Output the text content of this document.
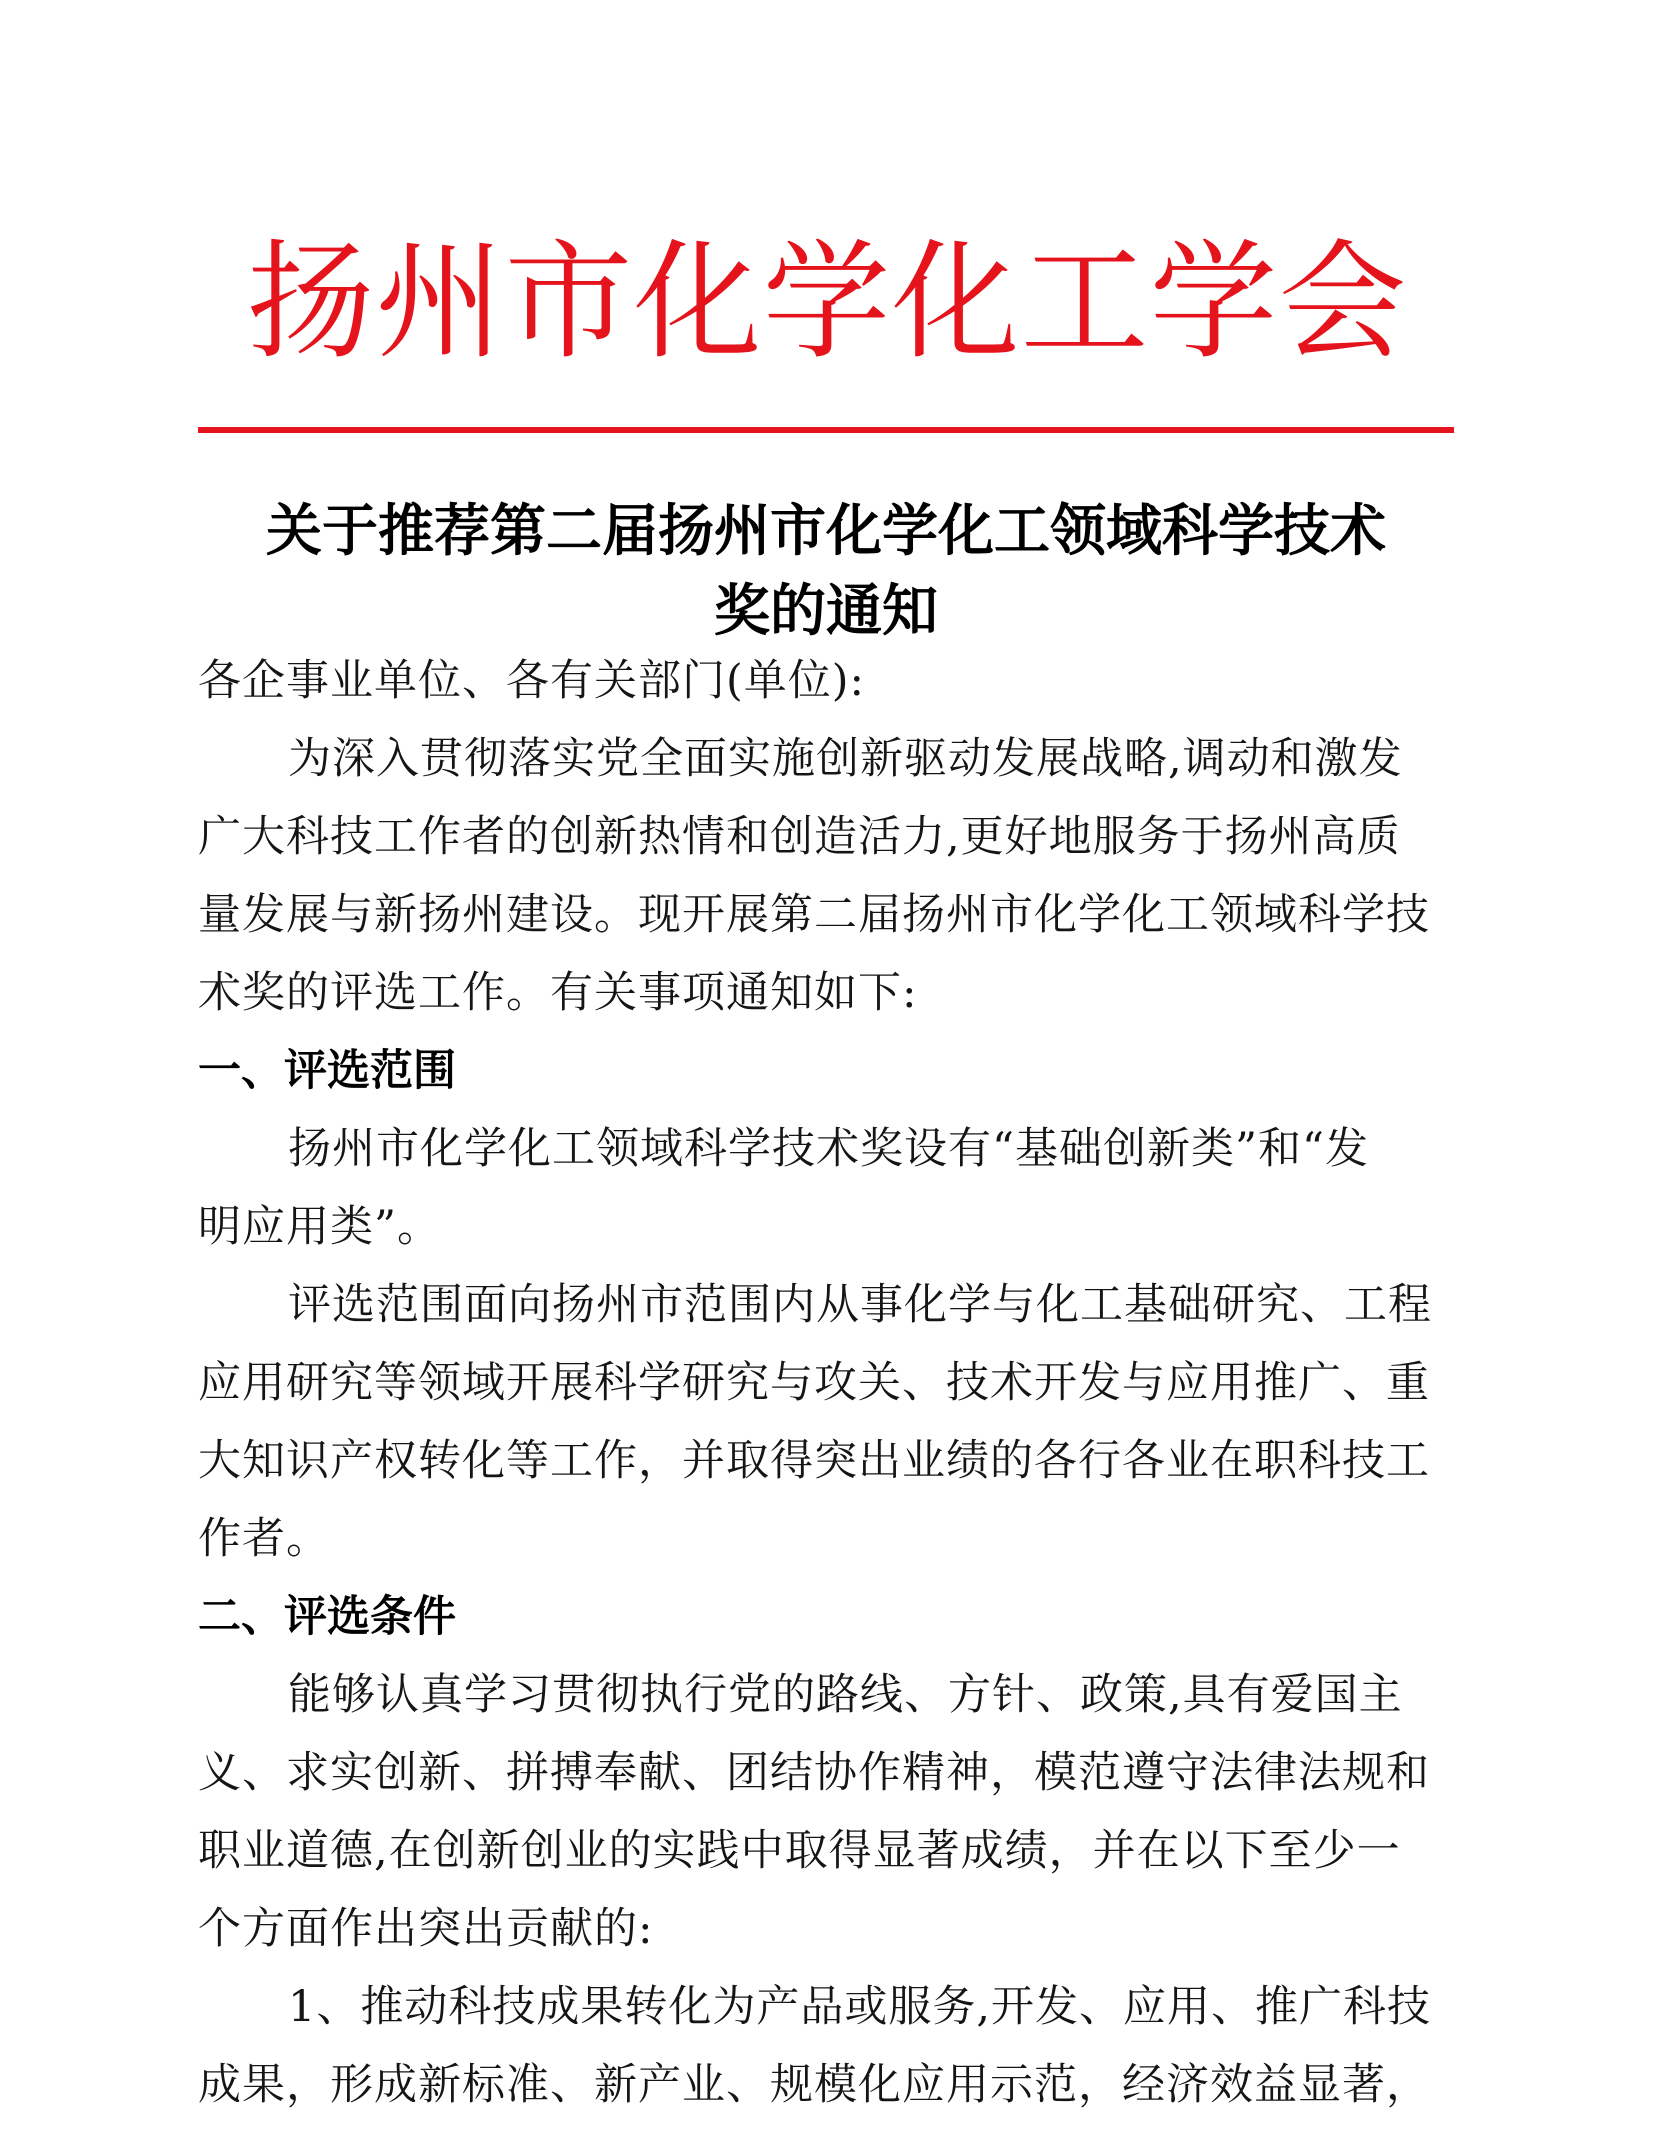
扬州市化学化工学会
关于推荐第二届扬州市化学化工领域科学技术
奖的通知
各企事业单位、各有关部门(单位):
为深入贯彻落实党全面实施创新驱动发展战略,调动和激发
广大科技工作者的创新热情和创造活力,更好地服务于扬州高质
量发展与新扬州建设。现开展第二届扬州市化学化工领域科学技
术奖的评选工作。有关事项通知如下:
一、评选范围
扬州市化学化工领域科学技术奖设有“基础创新类”和“发
明应用类”。
评选范围面向扬州市范围内从事化学与化工基础研究、工程
应用研究等领域开展科学研究与攻关、技术开发与应用推广、重
大知识产权转化等工作，并取得突出业绩的各行各业在职科技工
作者。
二、评选条件
能够认真学习贯彻执行党的路线、方针、政策,具有爱国主
义、求实创新、拼搏奉献、团结协作精神，模范遵守法律法规和
职业道德,在创新创业的实践中取得显著成绩，并在以下至少一
个方面作出突出贡献的:
1、推动科技成果转化为产品或服务,开发、应用、推广科技
成果，形成新标准、新产业、规模化应用示范，经济效益显著，
